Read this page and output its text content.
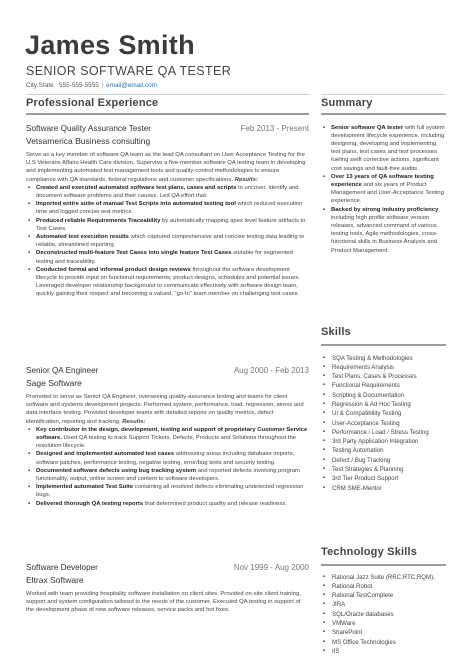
James Smith
SENIOR SOFTWARE QA TESTER
City State 555-555-5555 | email@email.com
Professional Experience	Summary
▪ Senior software QA tester with full system development lifecycle experience, including designing, developing and implementing test plans, test cases and test processes fueling swift corrective actions, significant cost savings and fault-free audits.
▪ Over 13 years of QA software testing experience and six years of Product Management and User-Acceptance Testing experience.
▪ Backed by strong industry proficiency including high profile software version releases, advanced command of various testing tools, Agile methodologies, cross-functional skills in Business Analysis and Product Management.
Skills
▪ SQA Testing & Methodologies
▪ Requirements Analysis
▪ Test Plans, Cases & Processes
▪ Functional Requirements
▪ Scripting & Documentation
▪ Regression & Ad Hoc Testing
▪ UI & Compatibility Testing
▪ User-Acceptance Testing
▪ Performance / Load / Stress Testing
▪ 3rd Party Application Integration
▪ Testing Automation
▪ Defect / Bug Tracking
▪ Test Strategies & Planning
▪ 3rd Tier Product Support
▪ CRM SME-Mentor
Technology Skills
▪ Rational Jazz Suite (RRC,RTC,RQM),
▪ Rational Robot
▪ Rational TestComplete
▪ JIRA
▪ SQL/Oracle databases
▪ VMWare
▪ SharePoint
▪ MS Office Technologies
▪ IIS
Software Quality Assurance Tester	Feb 2013 - Present
Vetsamerica Business consulting
Serve as a key member of software QA team as the lead QA consultant on User Acceptance Testing for the U.S Veterans Affairs Health Care division. Supervise a five-member software QA testing team in developing and implementing automated test management tools and quality-control methodologies to ensure compliance with QA standards, federal regulations and customer specifications. Results:
▪ Created and executed automated software test plans, cases and scripts to uncover, identify and document software problems and their causes. Led QA effort that:
▪ Imported entire suite of manual Test Scripts into automated testing tool which reduced execution time and logged concise test metrics.
▪ Produced reliable Requirements Traceability by automatically mapping apex level feature artifacts to Test Cases.
▪ Automated test execution results which captured comprehensive and concise testing data leading to reliable, streamlined reporting.
▪ Deconstructed multi-feature Test Cases into single feature Test Cases suitable for segmented testing and traceability.
▪ Conducted formal and informal product design reviews throughout the software development lifecycle to provide input on functional requirements, product designs, schedules and potential issues. Leveraged developer relationship background to communicate effectively with software design team, quickly gaining their respect and becoming a valued, “go-to” team member on challenging test cases.
Senior QA Engineer	Aug 2000 - Feb 2013
Sage Software
Promoted to serve as Senior QA Engineer, overseeing quality-assurance testing and teams for client software and systems development projects. Performed system, performance, load, regression, stress and data interface testing. Provided developer teams with detailed reports on quality metrics, defect identification, reporting and tracking. Results:
▪ Key contributor in the design, development, testing and support of proprietary Customer Service software. Used QA testing to track Support Tickets, Defects, Products and Solutions throughout the resolution lifecycle.
▪ Designed and implemented automated test cases addressing areas including database imports, software patches, performance testing, negative testing, error/bug tests and security testing.
▪ Documented software defects using bug tracking system and reported defects involving program functionality, output, online screen and content to software developers.
▪ Implemented automated Test Suite containing all resolved defects eliminating undetected regression bugs.
▪ Delivered thorough QA testing reports that determined product quality and release readiness.
Software Developer	Nov 1999 - Aug 2000
Eltrax Software
Worked with team providing hospitality software installation on client sites. Provided on-site client training, support and system configuration tailored to the needs of the customer. Executed QA testing in support of the development phase of new software releases, service packs and hot fixes.
